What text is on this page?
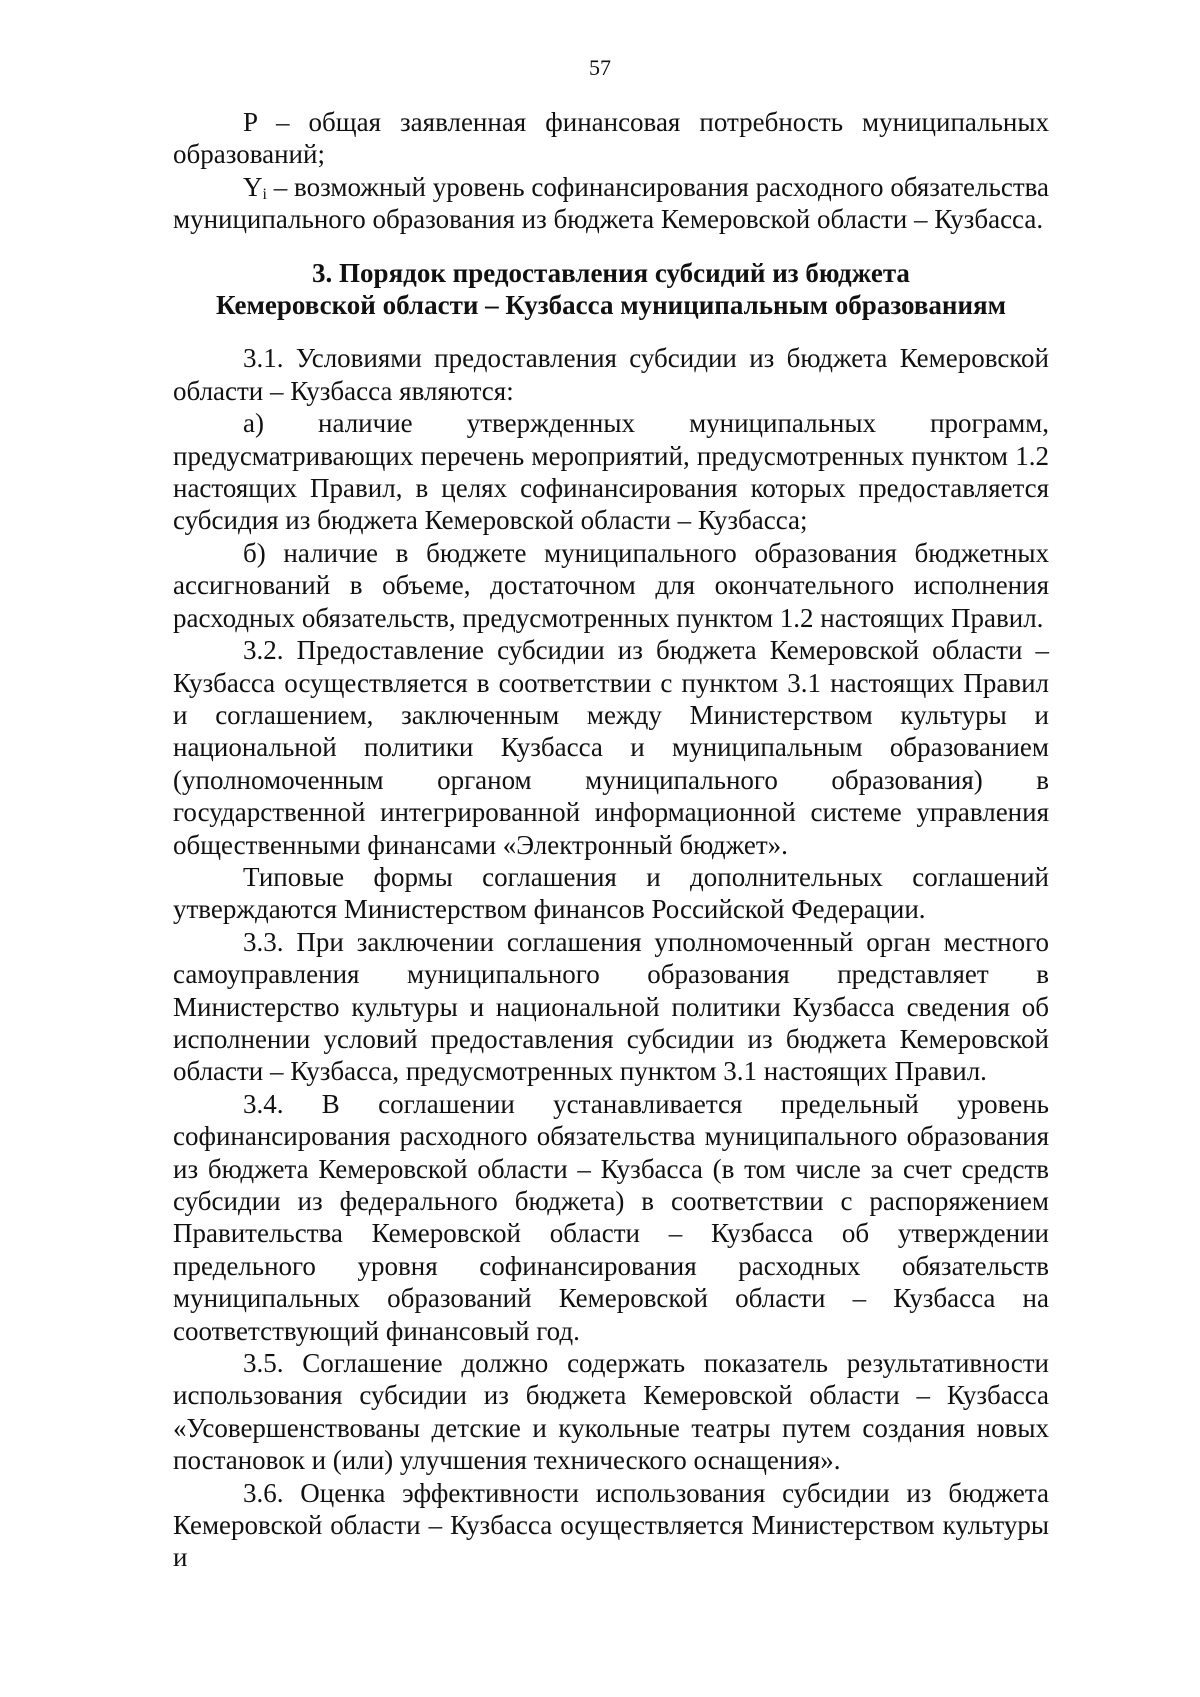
57

P – общая заявленная финансовая потребность муниципальных образований;

$Y_i$ – возможный уровень софинансирования расходного обязательства муниципального образования из бюджета Кемеровской области – Кузбасса.

3. Порядок предоставления субсидий из бюджета
Кемеровской области – Кузбасса муниципальным образованиям

3.1. Условиями предоставления субсидии из бюджета Кемеровской области – Кузбасса являются:

а) наличие утвержденных муниципальных программ, предусматривающих перечень мероприятий, предусмотренных пунктом 1.2 настоящих Правил, в целях софинансирования которых предоставляется субсидия из бюджета Кемеровской области – Кузбасса;

б) наличие в бюджете муниципального образования бюджетных ассигнований в объеме, достаточном для окончательного исполнения расходных обязательств, предусмотренных пунктом 1.2 настоящих Правил.

3.2. Предоставление субсидии из бюджета Кемеровской области – Кузбасса осуществляется в соответствии с пунктом 3.1 настоящих Правил и соглашением, заключенным между Министерством культуры и национальной политики Кузбасса и муниципальным образованием (уполномоченным органом муниципального образования) в государственной интегрированной информационной системе управления общественными финансами «Электронный бюджет».

Типовые формы соглашения и дополнительных соглашений утверждаются Министерством финансов Российской Федерации.

3.3. При заключении соглашения уполномоченный орган местного самоуправления муниципального образования представляет в Министерство культуры и национальной политики Кузбасса сведения об исполнении условий предоставления субсидии из бюджета Кемеровской области – Кузбасса, предусмотренных пунктом 3.1 настоящих Правил.

3.4. В соглашении устанавливается предельный уровень софинансирования расходного обязательства муниципального образования из бюджета Кемеровской области – Кузбасса (в том числе за счет средств субсидии из федерального бюджета) в соответствии с распоряжением Правительства Кемеровской области – Кузбасса об утверждении предельного уровня софинансирования расходных обязательств муниципальных образований Кемеровской области – Кузбасса на соответствующий финансовый год.

3.5. Соглашение должно содержать показатель результативности использования субсидии из бюджета Кемеровской области – Кузбасса «Усовершенствованы детские и кукольные театры путем создания новых постановок и (или) улучшения технического оснащения».

3.6. Оценка эффективности использования субсидии из бюджета Кемеровской области – Кузбасса осуществляется Министерством культуры и
